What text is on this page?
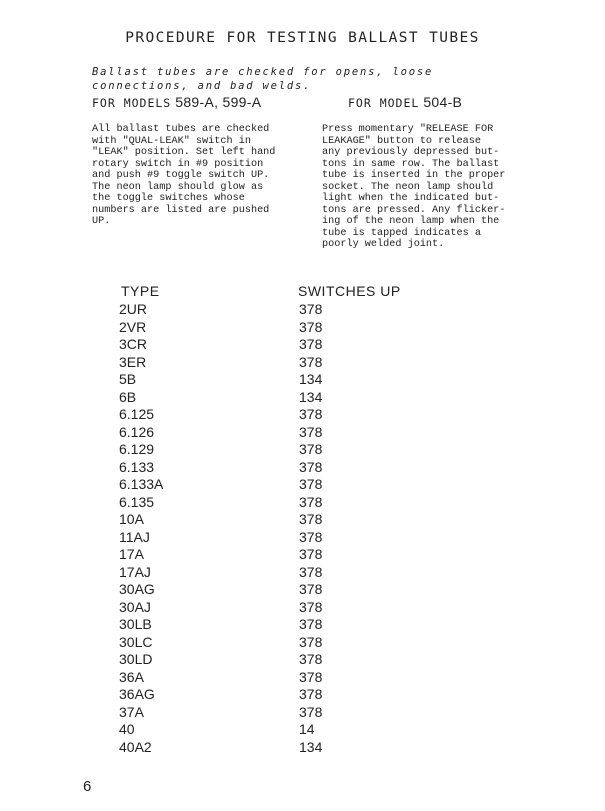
PROCEDURE FOR TESTING BALLAST TUBES
Ballast tubes are checked for opens, loose
connections, and bad welds.
FOR MODELS 589-A, 599-A	FOR MODEL 504-B
All ballast tubes are checked
with "QUAL-LEAK" switch in
"LEAK" position. Set left hand
rotary switch in #9 position
and push #9 toggle switch UP.
The neon lamp should glow as
the toggle switches whose
numbers are listed are pushed
UP.
Press momentary "RELEASE FOR
LEAKAGE" button to release
any previously depressed but-
tons in same row. The ballast
tube is inserted in the proper
socket. The neon lamp should
light when the indicated but-
tons are pressed. Any flicker-
ing of the neon lamp when the
tube is tapped indicates a
poorly welded joint.
TYPE	SWITCHES UP
2UR	378
2VR	378
3CR	378
3ER	378
5B	134
6B	134
6.125	378
6.126	378
6.129	378
6.133	378
6.133A	378
6.135	378
10A	378
11AJ	378
17A	378
17AJ	378
30AG	378
30AJ	378
30LB	378
30LC	378
30LD	378
36A	378
36AG	378
37A	378
40	14
40A2	134
6
